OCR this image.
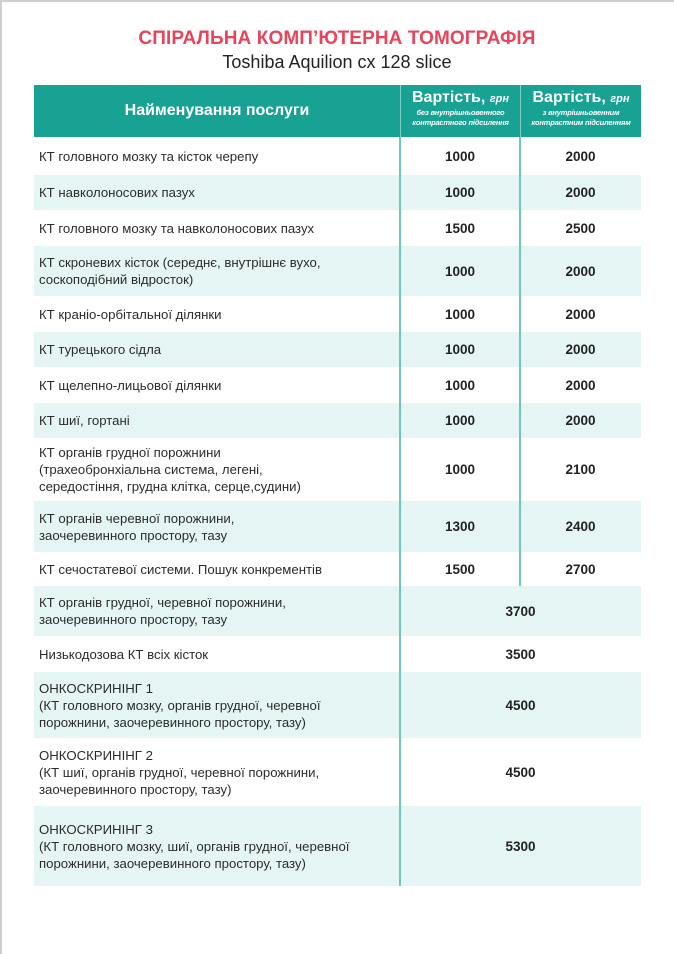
СПІРАЛЬНА КОМП’ЮТЕРНА ТОМОГРАФІЯ
Toshiba Aquilion cx 128 slice
Найменування послуги
Вартість, грн
без внутрішньовенного
контрастного підсилення
Вартість, грн
з внутрішньовенним
контрастним підсиленням
КТ головного мозку та кісток черепу	1000	2000
КТ навколоносових пазух	1000	2000
КТ головного мозку та навколоносових пазух	1500	2500
КТ скроневих кісток (середнє, внутрішнє вухо,
соскоподібний відросток)
1000	2000
КТ краніо-орбітальної ділянки	1000	2000
КТ турецького сідла	1000	2000
КТ щелепно-лицьової ділянки	1000	2000
КТ шиї, гортані	1000	2000
КТ органів грудної порожнини
(трахеобронхіальна система, легені,
середостіння, грудна клітка, серце,судини)
1000	2100
КТ органів черевної порожнини,
заочеревинного простору, тазу
1300	2400
КТ сечостатевої системи. Пошук конкрементів	1500	2700
КТ органів грудної, черевної порожнини,
заочеревинного простору, тазу
3700
Низькодозова КТ всіх кісток	3500
ОНКОСКРИНІНГ 1
(КТ головного мозку, органів грудної, черевної
порожнини, заочеревинного простору, тазу)
4500
ОНКОСКРИНІНГ 2
(КТ шиї, органів грудної, черевної порожнини,
заочеревинного простору, тазу)
4500
ОНКОСКРИНІНГ 3
(КТ головного мозку, шиї, органів грудної, черевної
порожнини, заочеревинного простору, тазу)
5300
